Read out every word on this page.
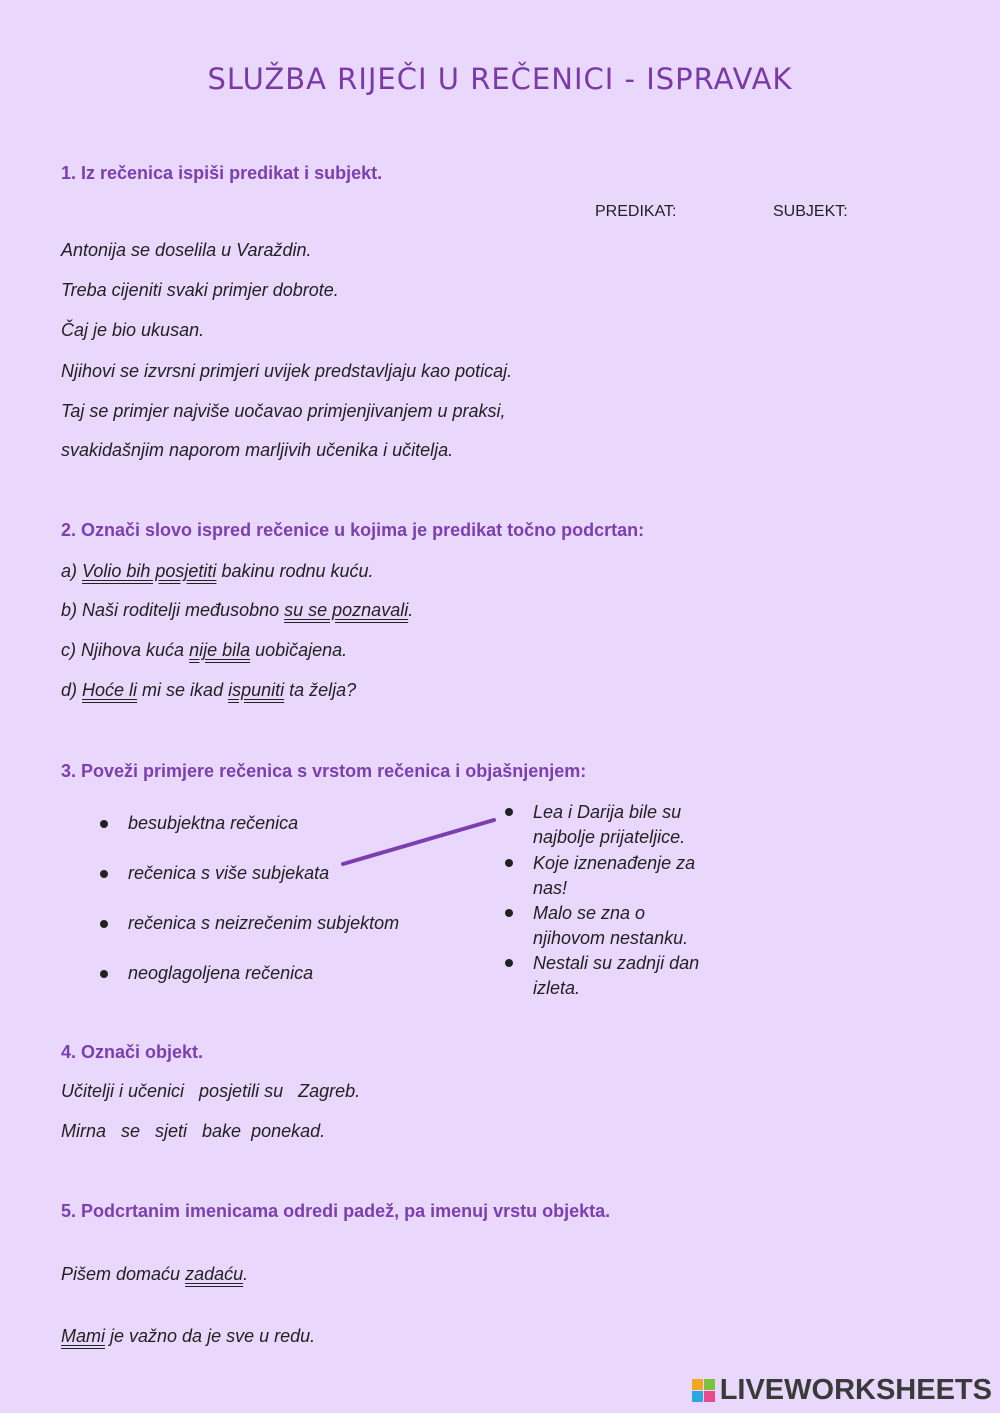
SLUŽBA RIJEČI U REČENICI - ISPRAVAK
1. Iz rečenica ispiši predikat i subjekt.
PREDIKAT:	SUBJEKT:
Antonija se doselila u Varaždin.
Treba cijeniti svaki primjer dobrote.
Čaj je bio ukusan.
Njihovi se izvrsni primjeri uvijek predstavljaju kao poticaj.
Taj se primjer najviše uočavao primjenjivanjem u praksi,
svakidašnjim naporom marljivih učenika i učitelja.
2. Označi slovo ispred rečenice u kojima je predikat točno podcrtan:
a) Volio bih posjetiti bakinu rodnu kuću.
b) Naši roditelji međusobno su se poznavali.
c) Njihova kuća nije bila uobičajena.
d) Hoće li mi se ikad ispuniti ta želja?
3. Poveži primjere rečenica s vrstom rečenica i objašnjenjem:
besubjektna rečenica
rečenica s više subjekata
rečenica s neizrečenim subjektom
neoglagoljena rečenica
Lea i Darija bile su najbolje prijateljice.
Koje iznenađenje za nas!
Malo se zna o njihovom nestanku.
Nestali su zadnji dan izleta.
4. Označi objekt.
Učitelji i učenici   posjetili su   Zagreb.
Mirna   se   sjeti   bake  ponekad.
5. Podcrtanim imenicama odredi padež, pa imenuj vrstu objekta.
Pišem domaću zadaću.
Mami je važno da je sve u redu.
LIVEWORKSHEETS
